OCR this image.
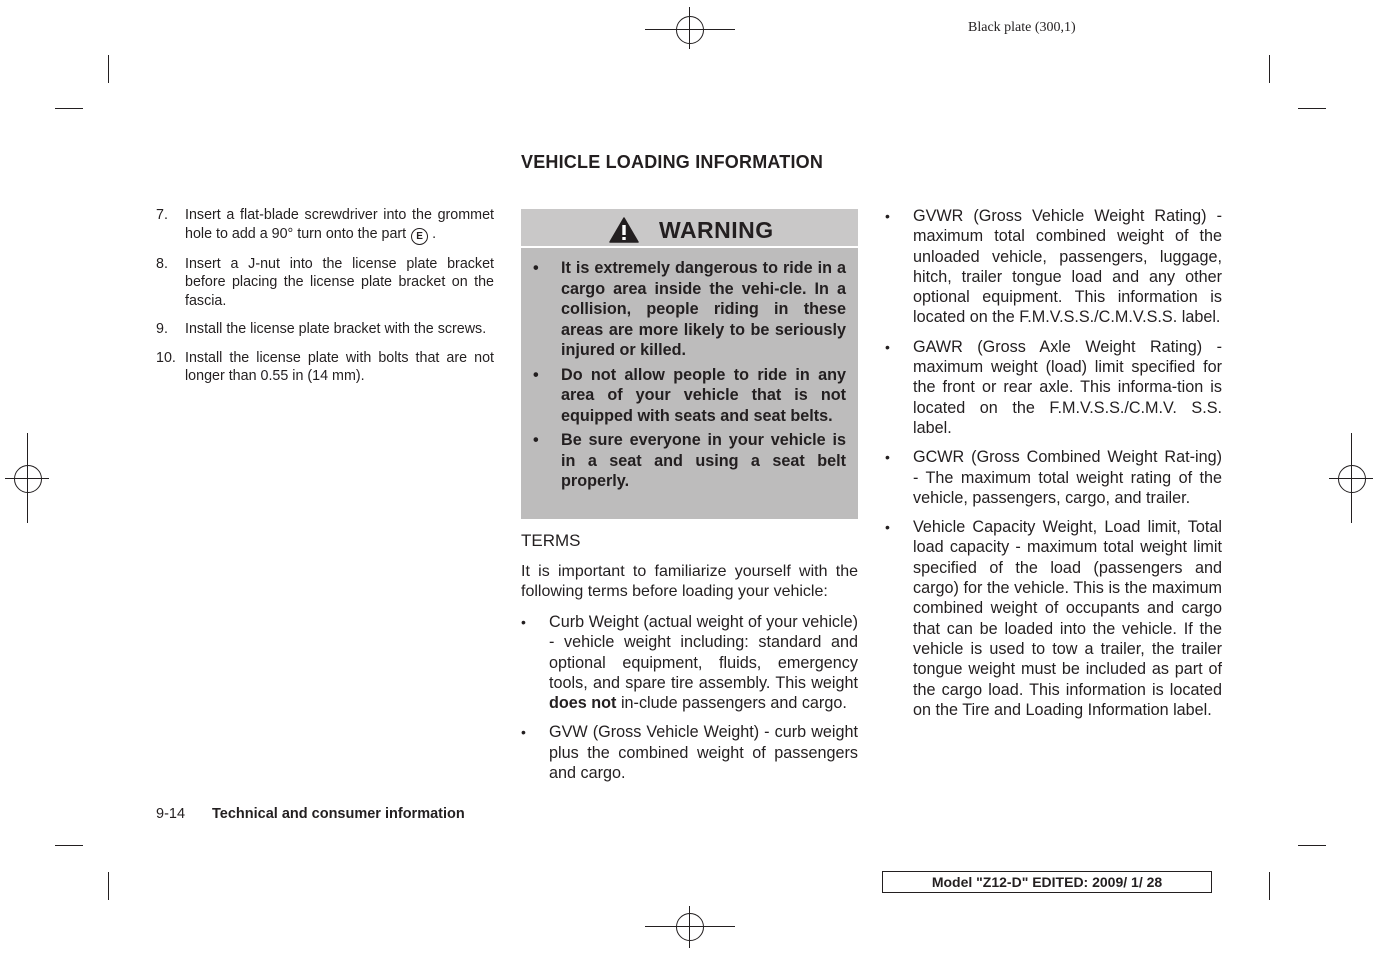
Black plate (300,1)
VEHICLE LOADING INFORMATION
7. Insert a flat-blade screwdriver into the grommet hole to add a 90° turn onto the part E .
8. Insert a J-nut into the license plate bracket before placing the license plate bracket on the fascia.
9. Install the license plate bracket with the screws.
10. Install the license plate with bolts that are not longer than 0.55 in (14 mm).
WARNING
• It is extremely dangerous to ride in a cargo area inside the vehi-cle. In a collision, people riding in these areas are more likely to be seriously injured or killed.
• Do not allow people to ride in any area of your vehicle that is not equipped with seats and seat belts.
• Be sure everyone in your vehicle is in a seat and using a seat belt properly.
TERMS
It is important to familiarize yourself with the following terms before loading your vehicle:
• Curb Weight (actual weight of your vehicle) - vehicle weight including: standard and optional equipment, fluids, emergency tools, and spare tire assembly. This weight does not in-clude passengers and cargo.
• GVW (Gross Vehicle Weight) - curb weight plus the combined weight of passengers and cargo.
• GVWR (Gross Vehicle Weight Rating) - maximum total combined weight of the unloaded vehicle, passengers, luggage, hitch, trailer tongue load and any other optional equipment. This information is located on the F.M.V.S.S./C.M.V.S.S. label.
• GAWR (Gross Axle Weight Rating) - maximum weight (load) limit specified for the front or rear axle. This informa-tion is located on the F.M.V.S.S./C.M.V. S.S. label.
• GCWR (Gross Combined Weight Rat-ing) - The maximum total weight rating of the vehicle, passengers, cargo, and trailer.
• Vehicle Capacity Weight, Load limit, Total load capacity - maximum total weight limit specified of the load (passengers and cargo) for the vehicle. This is the maximum combined weight of occupants and cargo that can be loaded into the vehicle. If the vehicle is used to tow a trailer, the trailer tongue weight must be included as part of the cargo load. This information is located on the Tire and Loading Information label.
9-14 Technical and consumer information
Model "Z12-D" EDITED: 2009/ 1/ 28
